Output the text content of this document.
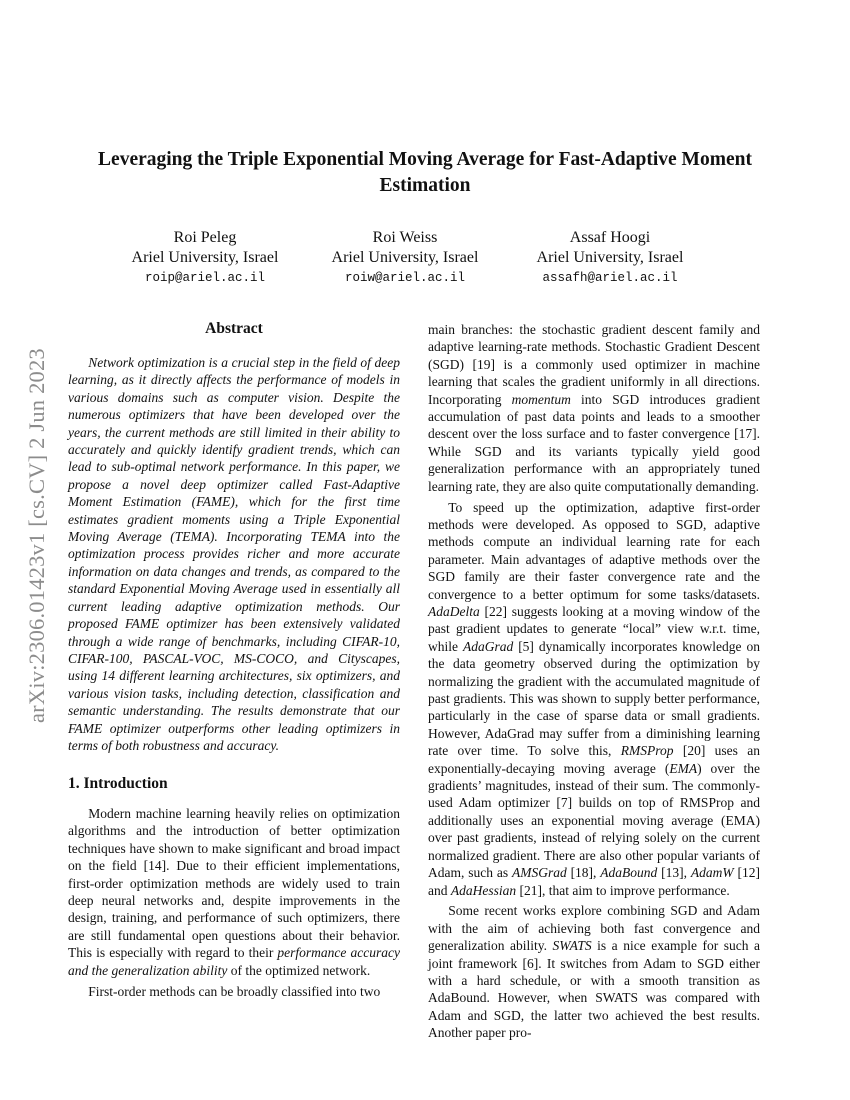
arXiv:2306.01423v1 [cs.CV] 2 Jun 2023
Leveraging the Triple Exponential Moving Average for Fast-Adaptive Moment Estimation
Roi Peleg
Ariel University, Israel
roip@ariel.ac.il
Roi Weiss
Ariel University, Israel
roiw@ariel.ac.il
Assaf Hoogi
Ariel University, Israel
assafh@ariel.ac.il
Abstract

Network optimization is a crucial step in the field of deep learning, as it directly affects the performance of models in various domains such as computer vision. Despite the numerous optimizers that have been developed over the years, the current methods are still limited in their ability to accurately and quickly identify gradient trends, which can lead to sub-optimal network performance. In this paper, we propose a novel deep optimizer called Fast-Adaptive Moment Estimation (FAME), which for the first time estimates gradient moments using a Triple Exponential Moving Average (TEMA). Incorporating TEMA into the optimization process provides richer and more accurate information on data changes and trends, as compared to the standard Exponential Moving Average used in essentially all current leading adaptive optimization methods. Our proposed FAME optimizer has been extensively validated through a wide range of benchmarks, including CIFAR-10, CIFAR-100, PASCAL-VOC, MS-COCO, and Cityscapes, using 14 different learning architectures, six optimizers, and various vision tasks, including detection, classification and semantic understanding. The results demonstrate that our FAME optimizer outperforms other leading optimizers in terms of both robustness and accuracy.

1. Introduction

Modern machine learning heavily relies on optimization algorithms and the introduction of better optimization techniques have shown to make significant and broad impact on the field [14]. Due to their efficient implementations, first-order optimization methods are widely used to train deep neural networks and, despite improvements in the design, training, and performance of such optimizers, there are still fundamental open questions about their behavior. This is especially with regard to their performance accuracy and the generalization ability of the optimized network.

First-order methods can be broadly classified into two

main branches: the stochastic gradient descent family and adaptive learning-rate methods. Stochastic Gradient Descent (SGD) [19] is a commonly used optimizer in machine learning that scales the gradient uniformly in all directions. Incorporating momentum into SGD introduces gradient accumulation of past data points and leads to a smoother descent over the loss surface and to faster convergence [17]. While SGD and its variants typically yield good generalization performance with an appropriately tuned learning rate, they are also quite computationally demanding.

To speed up the optimization, adaptive first-order methods were developed. As opposed to SGD, adaptive methods compute an individual learning rate for each parameter. Main advantages of adaptive methods over the SGD family are their faster convergence rate and the convergence to a better optimum for some tasks/datasets. AdaDelta [22] suggests looking at a moving window of the past gradient updates to generate “local” view w.r.t. time, while AdaGrad [5] dynamically incorporates knowledge on the data geometry observed during the optimization by normalizing the gradient with the accumulated magnitude of past gradients. This was shown to supply better performance, particularly in the case of sparse data or small gradients. However, AdaGrad may suffer from a diminishing learning rate over time. To solve this, RMSProp [20] uses an exponentially-decaying moving average (EMA) over the gradients’ magnitudes, instead of their sum. The commonly-used Adam optimizer [7] builds on top of RMSProp and additionally uses an exponential moving average (EMA) over past gradients, instead of relying solely on the current normalized gradient. There are also other popular variants of Adam, such as AMSGrad [18], AdaBound [13], AdamW [12] and AdaHessian [21], that aim to improve performance.

Some recent works explore combining SGD and Adam with the aim of achieving both fast convergence and generalization ability. SWATS is a nice example for such a joint framework [6]. It switches from Adam to SGD either with a hard schedule, or with a smooth transition as AdaBound. However, when SWATS was compared with Adam and SGD, the latter two achieved the best results. Another paper pro-
